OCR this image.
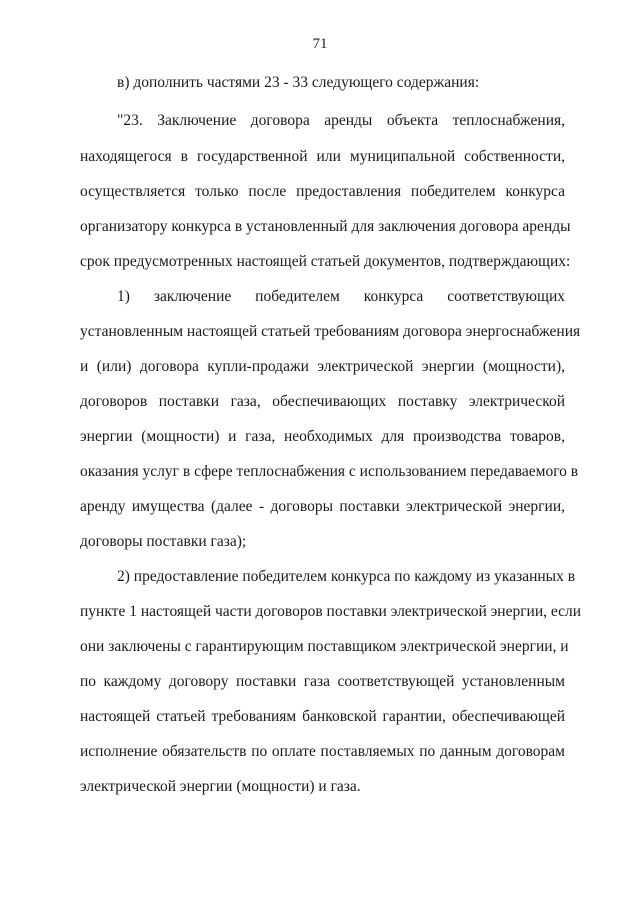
71
в) дополнить частями 23 - 33 следующего содержания:
"23. Заключение договора аренды объекта теплоснабжения,
находящегося в государственной или муниципальной собственности,
осуществляется только после предоставления победителем конкурса
организатору конкурса в установленный для заключения договора аренды
срок предусмотренных настоящей статьей документов, подтверждающих:
1) заключение победителем конкурса соответствующих
установленным настоящей статьей требованиям договора энергоснабжения
и (или) договора купли-продажи электрической энергии (мощности),
договоров поставки газа, обеспечивающих поставку электрической
энергии (мощности) и газа, необходимых для производства товаров,
оказания услуг в сфере теплоснабжения с использованием передаваемого в
аренду имущества (далее - договоры поставки электрической энергии,
договоры поставки газа);
2) предоставление победителем конкурса по каждому из указанных в
пункте 1 настоящей части договоров поставки электрической энергии, если
они заключены с гарантирующим поставщиком электрической энергии, и
по каждому договору поставки газа соответствующей установленным
настоящей статьей требованиям банковской гарантии, обеспечивающей
исполнение обязательств по оплате поставляемых по данным договорам
электрической энергии (мощности) и газа.
